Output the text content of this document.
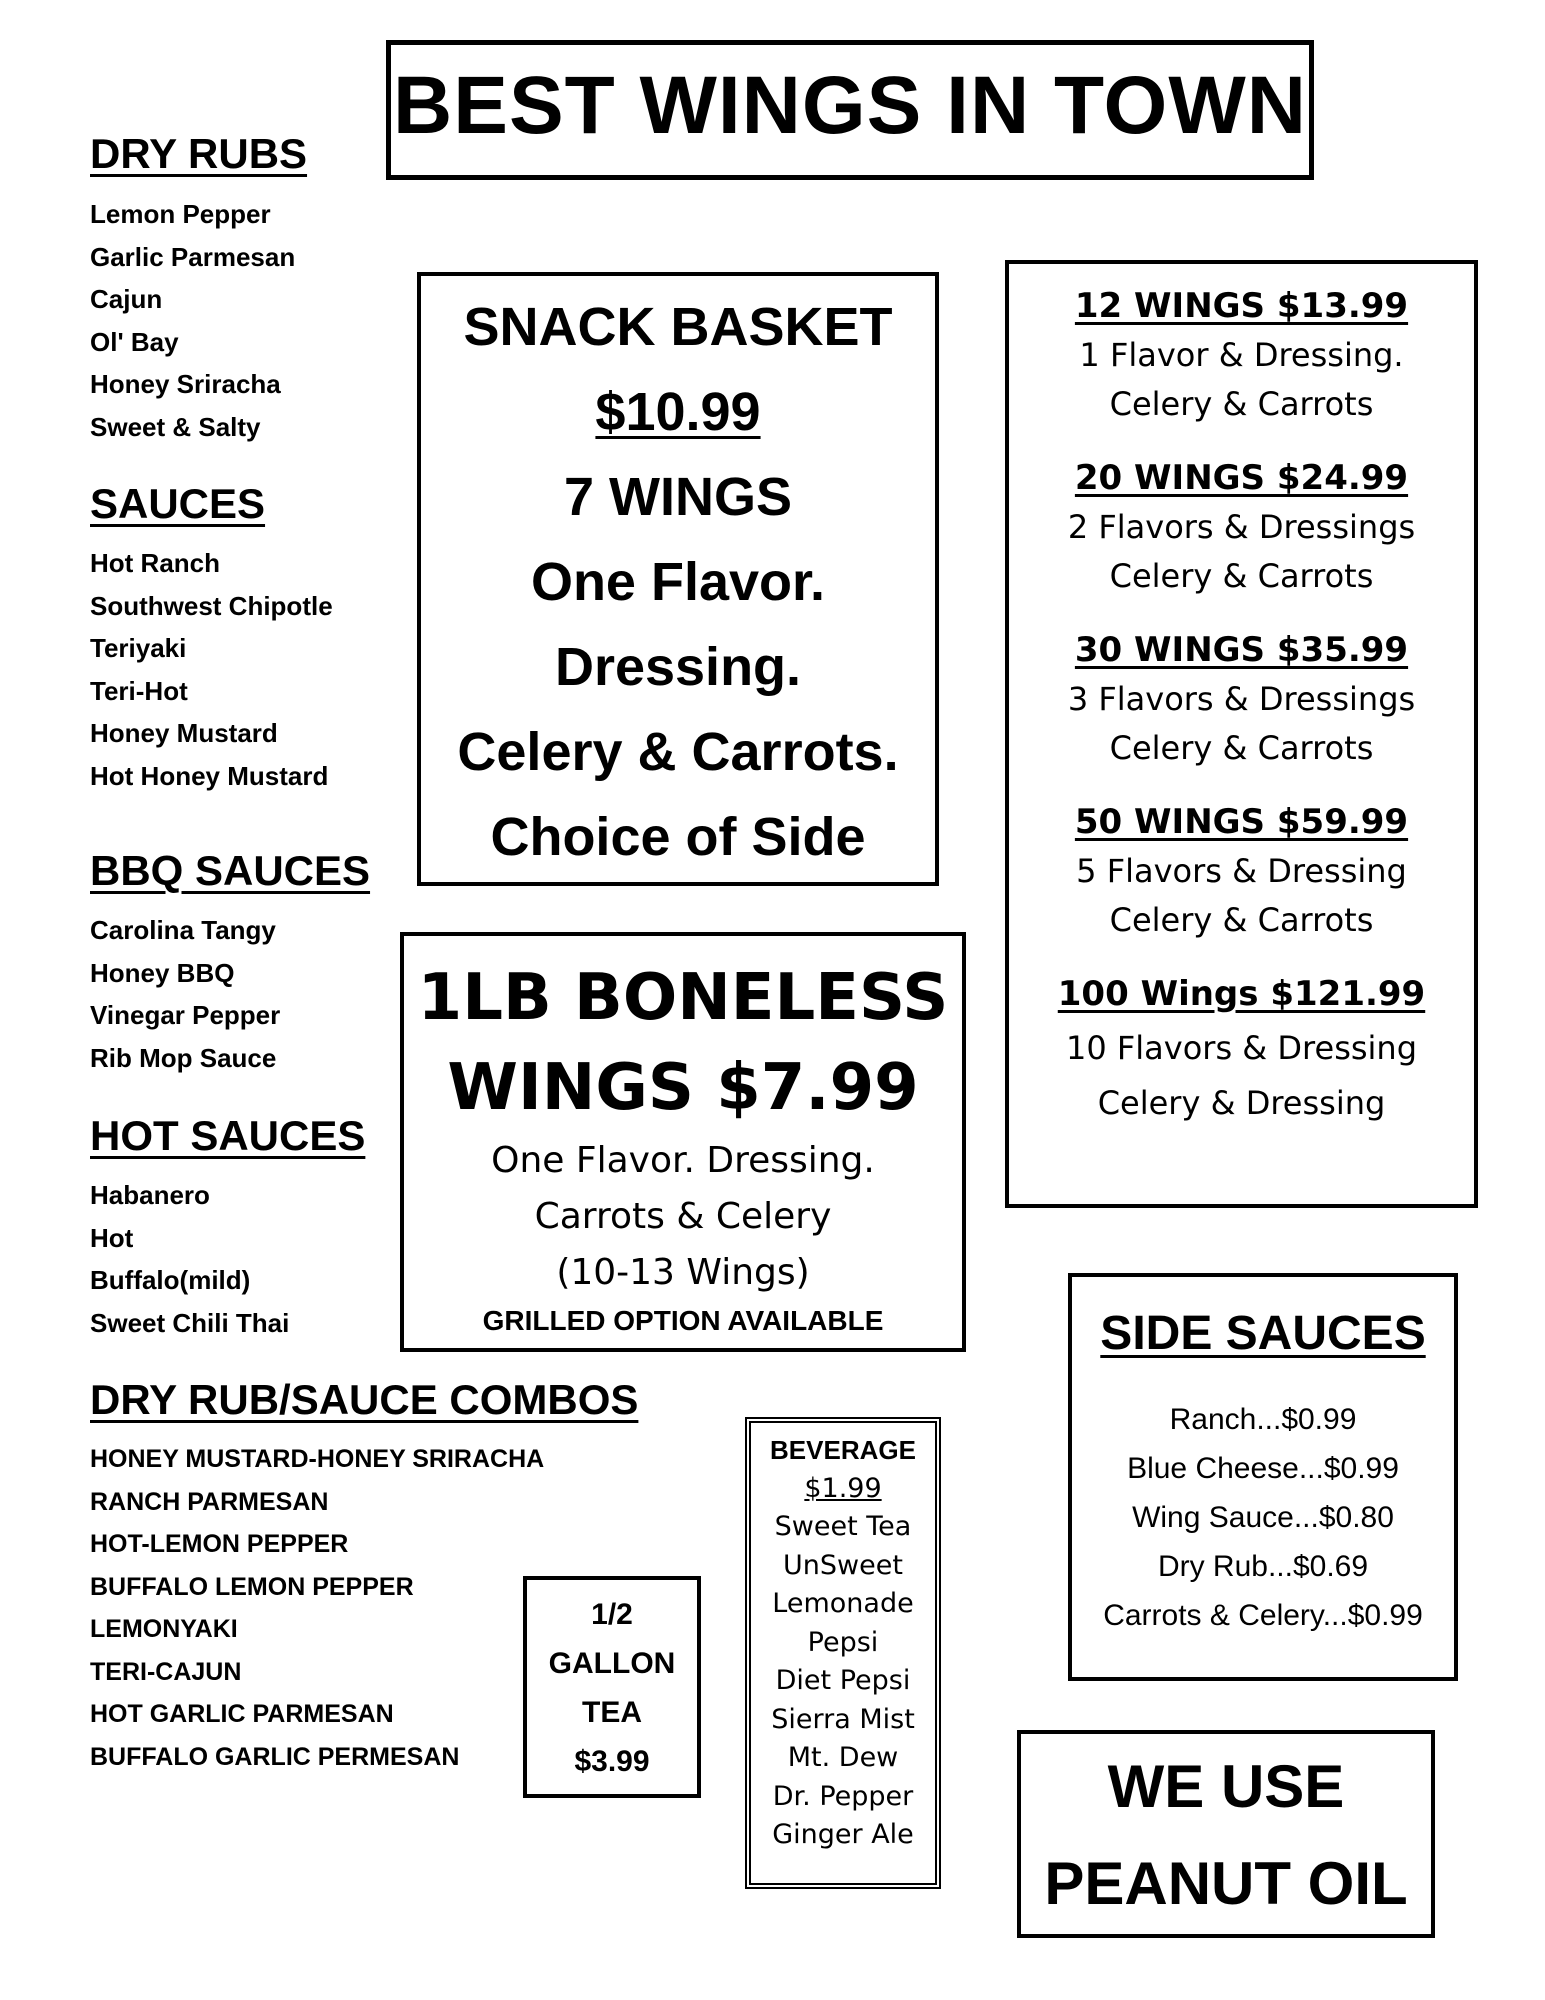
BEST WINGS IN TOWN
DRY RUBS
Lemon Pepper
Garlic Parmesan
Cajun
Ol' Bay
Honey Sriracha
Sweet & Salty
SAUCES
Hot Ranch
Southwest Chipotle
Teriyaki
Teri-Hot
Honey Mustard
Hot Honey Mustard
BBQ SAUCES
Carolina Tangy
Honey BBQ
Vinegar Pepper
Rib Mop Sauce
HOT SAUCES
Habanero
Hot
Buffalo(mild)
Sweet Chili Thai
DRY RUB/SAUCE COMBOS
HONEY MUSTARD-HONEY SRIRACHA
RANCH PARMESAN
HOT-LEMON PEPPER
BUFFALO LEMON PEPPER
LEMONYAKI
TERI-CAJUN
HOT GARLIC PARMESAN
BUFFALO GARLIC PERMESAN
SNACK BASKET
$10.99
7 WINGS
One Flavor.
Dressing.
Celery & Carrots.
Choice of Side
12 WINGS $13.99
1 Flavor & Dressing.
Celery & Carrots
20 WINGS $24.99
2 Flavors & Dressings
Celery & Carrots
30 WINGS $35.99
3 Flavors & Dressings
Celery & Carrots
50 WINGS $59.99
5 Flavors & Dressing
Celery & Carrots
100 Wings $121.99
10 Flavors & Dressing
Celery & Dressing
1LB BONELESS
WINGS $7.99
One Flavor. Dressing.
Carrots & Celery
(10-13 Wings)
GRILLED OPTION AVAILABLE
1/2
GALLON
TEA
$3.99
BEVERAGE
$1.99
Sweet Tea
UnSweet
Lemonade
Pepsi
Diet Pepsi
Sierra Mist
Mt. Dew
Dr. Pepper
Ginger Ale
SIDE SAUCES
Ranch...$0.99
Blue Cheese...$0.99
Wing Sauce...$0.80
Dry Rub...$0.69
Carrots & Celery...$0.99
WE USE
PEANUT OIL
